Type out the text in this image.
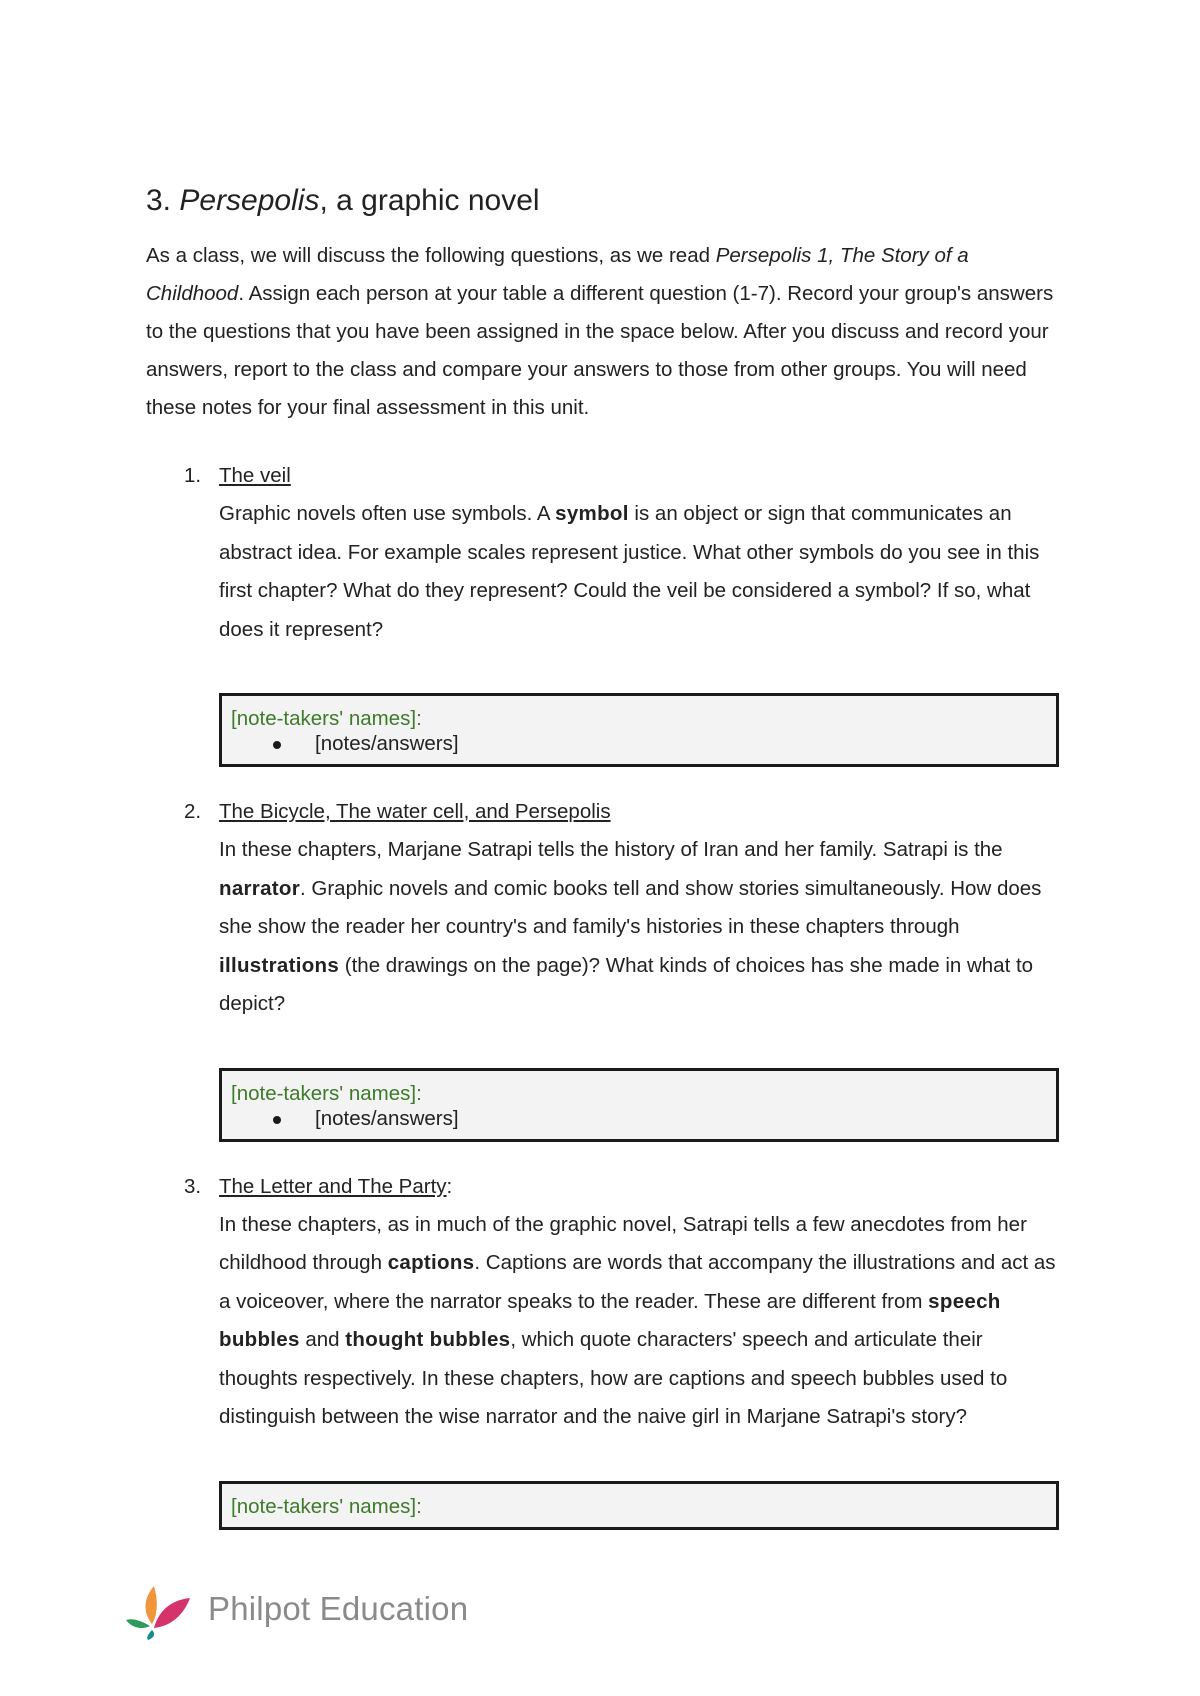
3. Persepolis, a graphic novel

As a class, we will discuss the following questions, as we read Persepolis 1, The Story of a Childhood. Assign each person at your table a different question (1-7). Record your group's answers to the questions that you have been assigned in the space below. After you discuss and record your answers, report to the class and compare your answers to those from other groups. You will need these notes for your final assessment in this unit.

1. The veil
Graphic novels often use symbols. A symbol is an object or sign that communicates an abstract idea. For example scales represent justice. What other symbols do you see in this first chapter? What do they represent? Could the veil be considered a symbol? If so, what does it represent?
[note-takers' names]:
[notes/answers]
2. The Bicycle, The water cell, and Persepolis
In these chapters, Marjane Satrapi tells the history of Iran and her family. Satrapi is the narrator. Graphic novels and comic books tell and show stories simultaneously. How does she show the reader her country's and family's histories in these chapters through illustrations (the drawings on the page)? What kinds of choices has she made in what to depict?
[note-takers' names]:
[notes/answers]
3. The Letter and The Party:
In these chapters, as in much of the graphic novel, Satrapi tells a few anecdotes from her childhood through captions. Captions are words that accompany the illustrations and act as a voiceover, where the narrator speaks to the reader. These are different from speech bubbles and thought bubbles, which quote characters' speech and articulate their thoughts respectively. In these chapters, how are captions and speech bubbles used to distinguish between the wise narrator and the naive girl in Marjane Satrapi's story?
[note-takers' names]:
Philpot Education
